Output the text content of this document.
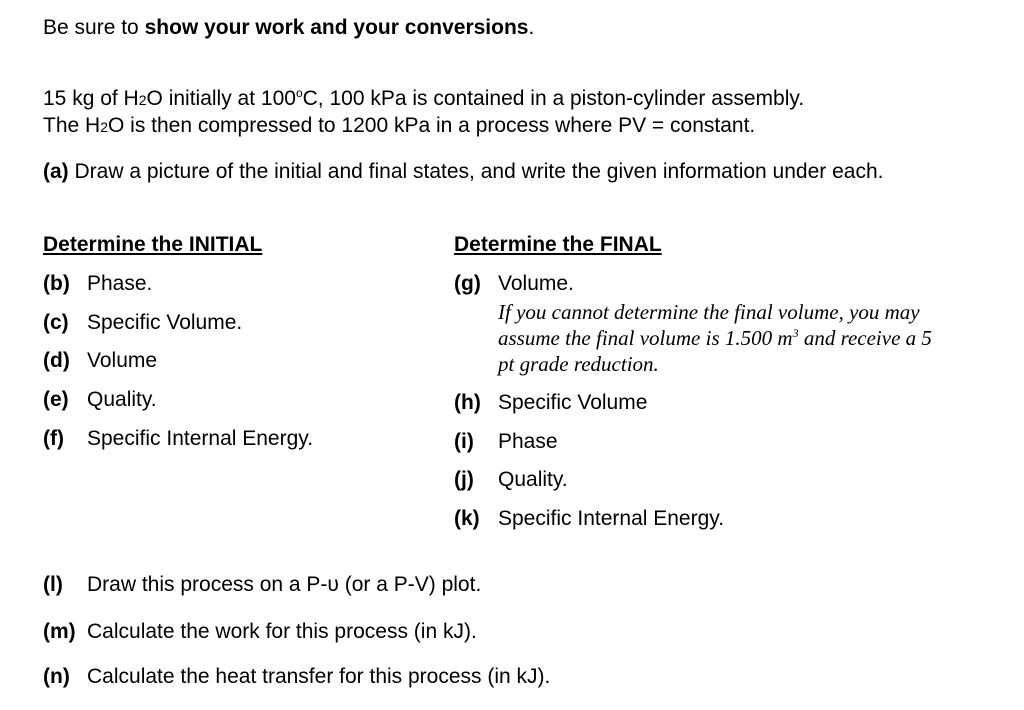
Be sure to show your work and your conversions.
15 kg of H2O initially at 100$^o$C, 100 kPa is contained in a piston-cylinder assembly.
The H2O is then compressed to 1200 kPa in a process where PV = constant.
(a) Draw a picture of the initial and final states, and write the given information under each.
Determine the INITIAL
(b) Phase.
(c) Specific Volume.
(d) Volume
(e) Quality.
(f)	Specific Internal Energy.
Determine the FINAL
(g) Volume.
If you cannot determine the final volume, you may assume the final volume is 1.500 $m^3$ and receive a 5 pt grade reduction.
(h) Specific Volume
(i)	Phase
(j)	Quality.
(k) Specific Internal Energy.
(l)	Draw this process on a P-υ (or a P-V) plot.
(m) Calculate the work for this process (in kJ).
(n) Calculate the heat transfer for this process (in kJ).
